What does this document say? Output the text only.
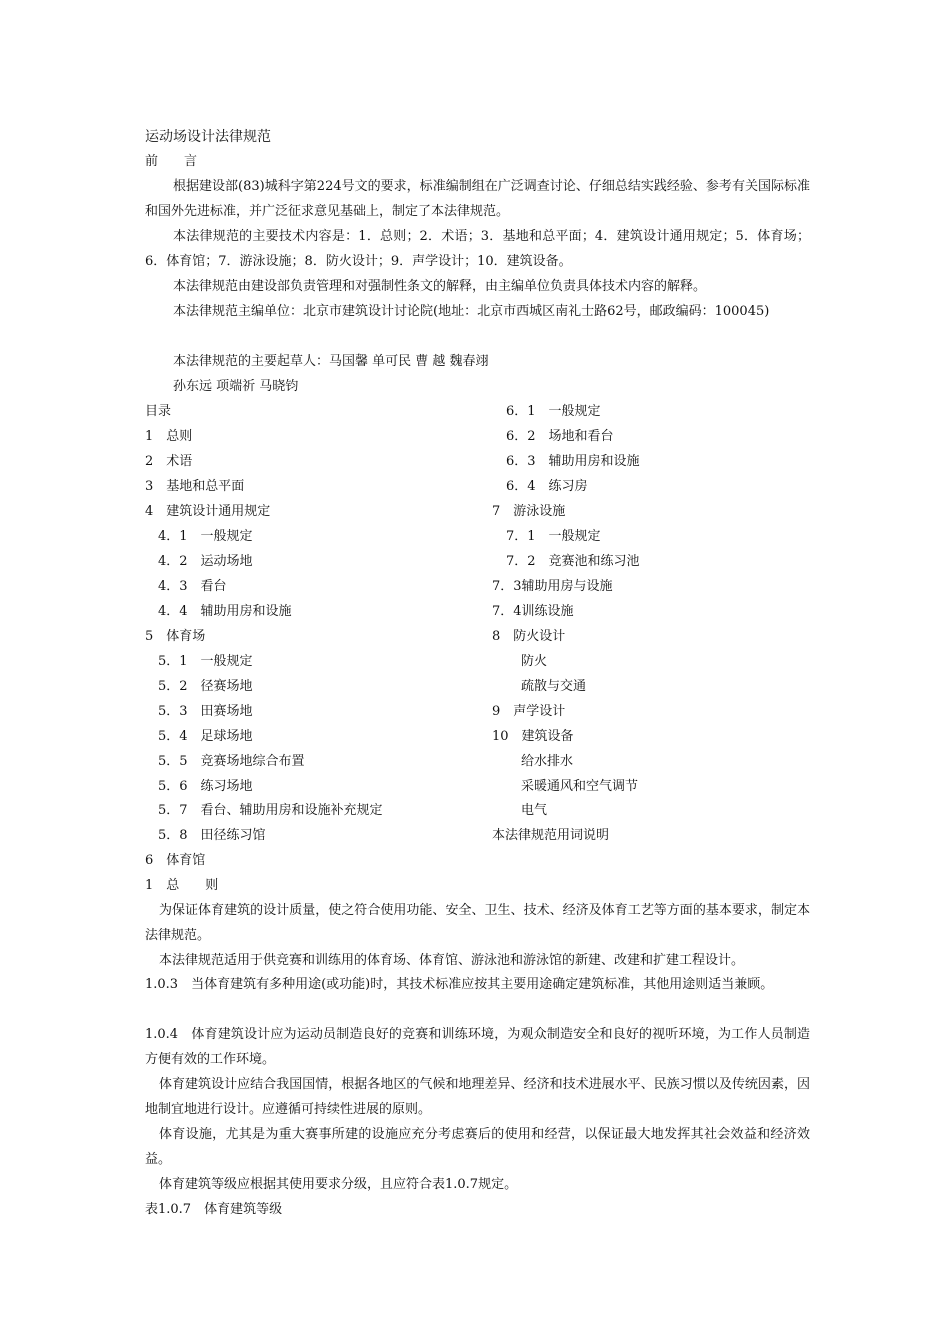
运动场设计法律规范
前　　言
根据建设部(83)城科字第224号文的要求，标准编制组在广泛调查讨论、仔细总结实践经验、参考有关国际标准和国外先进标准，并广泛征求意见基础上，制定了本法律规范。
本法律规范的主要技术内容是：1．总则；2．术语；3．基地和总平面；4．建筑设计通用规定；5．体育场；6．体育馆；7．游泳设施；8．防火设计；9．声学设计；10．建筑设备。
本法律规范由建设部负责管理和对强制性条文的解释，由主编单位负责具体技术内容的解释。
本法律规范主编单位：北京市建筑设计讨论院(地址：北京市西城区南礼士路62号，邮政编码：100045)
本法律规范的主要起草人：马国馨 单可民 曹 越 魏春翊
孙东远 项端祈 马晓钧
目录
1　总则
2　术语
3　基地和总平面
4　建筑设计通用规定
4．1　一般规定
4．2　运动场地
4．3　看台
4．4　辅助用房和设施
5　体育场
5．1　一般规定
5．2　径赛场地
5．3　田赛场地
5．4　足球场地
5．5　竞赛场地综合布置
5．6　练习场地
5．7　看台、辅助用房和设施补充规定
5．8　田径练习馆
6　体育馆
6．1　一般规定
6．2　场地和看台
6．3　辅助用房和设施
6．4　练习房
7　游泳设施
7．1　一般规定
7．2　竞赛池和练习池
7．3辅助用房与设施
7．4训练设施
8　防火设计
防火
疏散与交通
9　声学设计
10　建筑设备
给水排水
采暖通风和空气调节
电气
本法律规范用词说明
1　总　　则
为保证体育建筑的设计质量，使之符合使用功能、安全、卫生、技术、经济及体育工艺等方面的基本要求，制定本法律规范。
本法律规范适用于供竞赛和训练用的体育场、体育馆、游泳池和游泳馆的新建、改建和扩建工程设计。
1.0.3　当体育建筑有多种用途(或功能)时，其技术标准应按其主要用途确定建筑标准，其他用途则适当兼顾。
1.0.4　体育建筑设计应为运动员制造良好的竞赛和训练环境，为观众制造安全和良好的视听环境，为工作人员制造方便有效的工作环境。
体育建筑设计应结合我国国情，根据各地区的气候和地理差异、经济和技术进展水平、民族习惯以及传统因素，因地制宜地进行设计。应遵循可持续性进展的原则。
体育设施，尤其是为重大赛事所建的设施应充分考虑赛后的使用和经营，以保证最大地发挥其社会效益和经济效益。
体育建筑等级应根据其使用要求分级，且应符合表1.0.7规定。
表1.0.7　体育建筑等级
